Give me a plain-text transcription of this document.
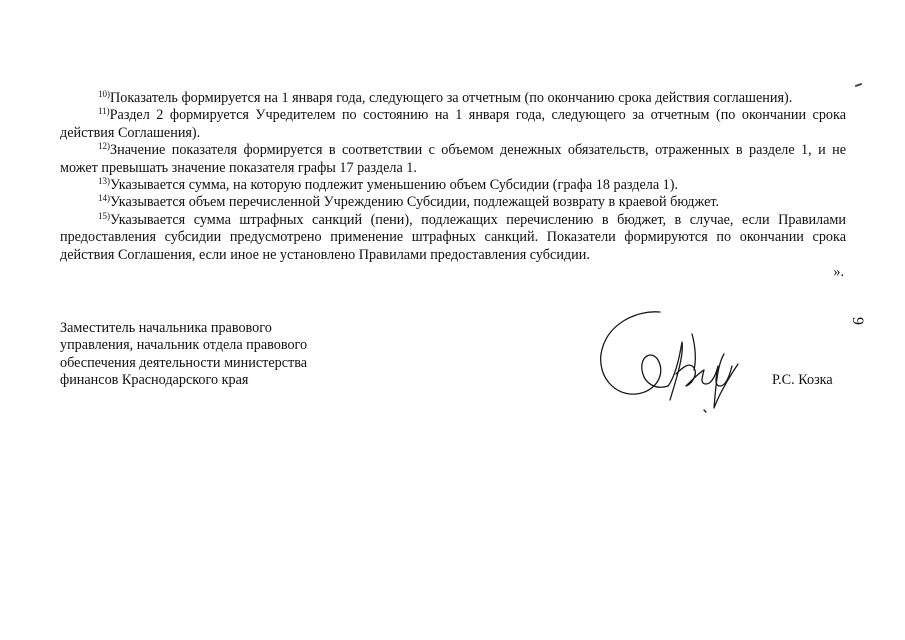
$^{10)}$Показатель формируется на 1 января года, следующего за отчетным (по окончанию срока действия соглашения).

$^{11)}$Раздел 2 формируется Учредителем по состоянию на 1 января года, следующего за отчетным (по окончании срока действия Соглашения).

$^{12)}$Значение показателя формируется в соответствии с объемом денежных обязательств, отраженных в разделе 1, и не может превышать значение показателя графы 17 раздела 1.

$^{13)}$Указывается сумма, на которую подлежит уменьшению объем Субсидии (графа 18 раздела 1).

$^{14)}$Указывается объем перечисленной Учреждению Субсидии, подлежащей возврату в краевой бюджет.

$^{15)}$Указывается сумма штрафных санкций (пени), подлежащих перечислению в бюджет, в случае, если Правилами предоставления субсидии предусмотрено применение штрафных санкций. Показатели формируются по окончании срока действия Соглашения, если иное не установлено Правилами предоставления субсидии.

».

9

Заместитель начальника правового
управления, начальник отдела правового
обеспечения деятельности министерства
финансов Краснодарского края	Р.С. Козка
